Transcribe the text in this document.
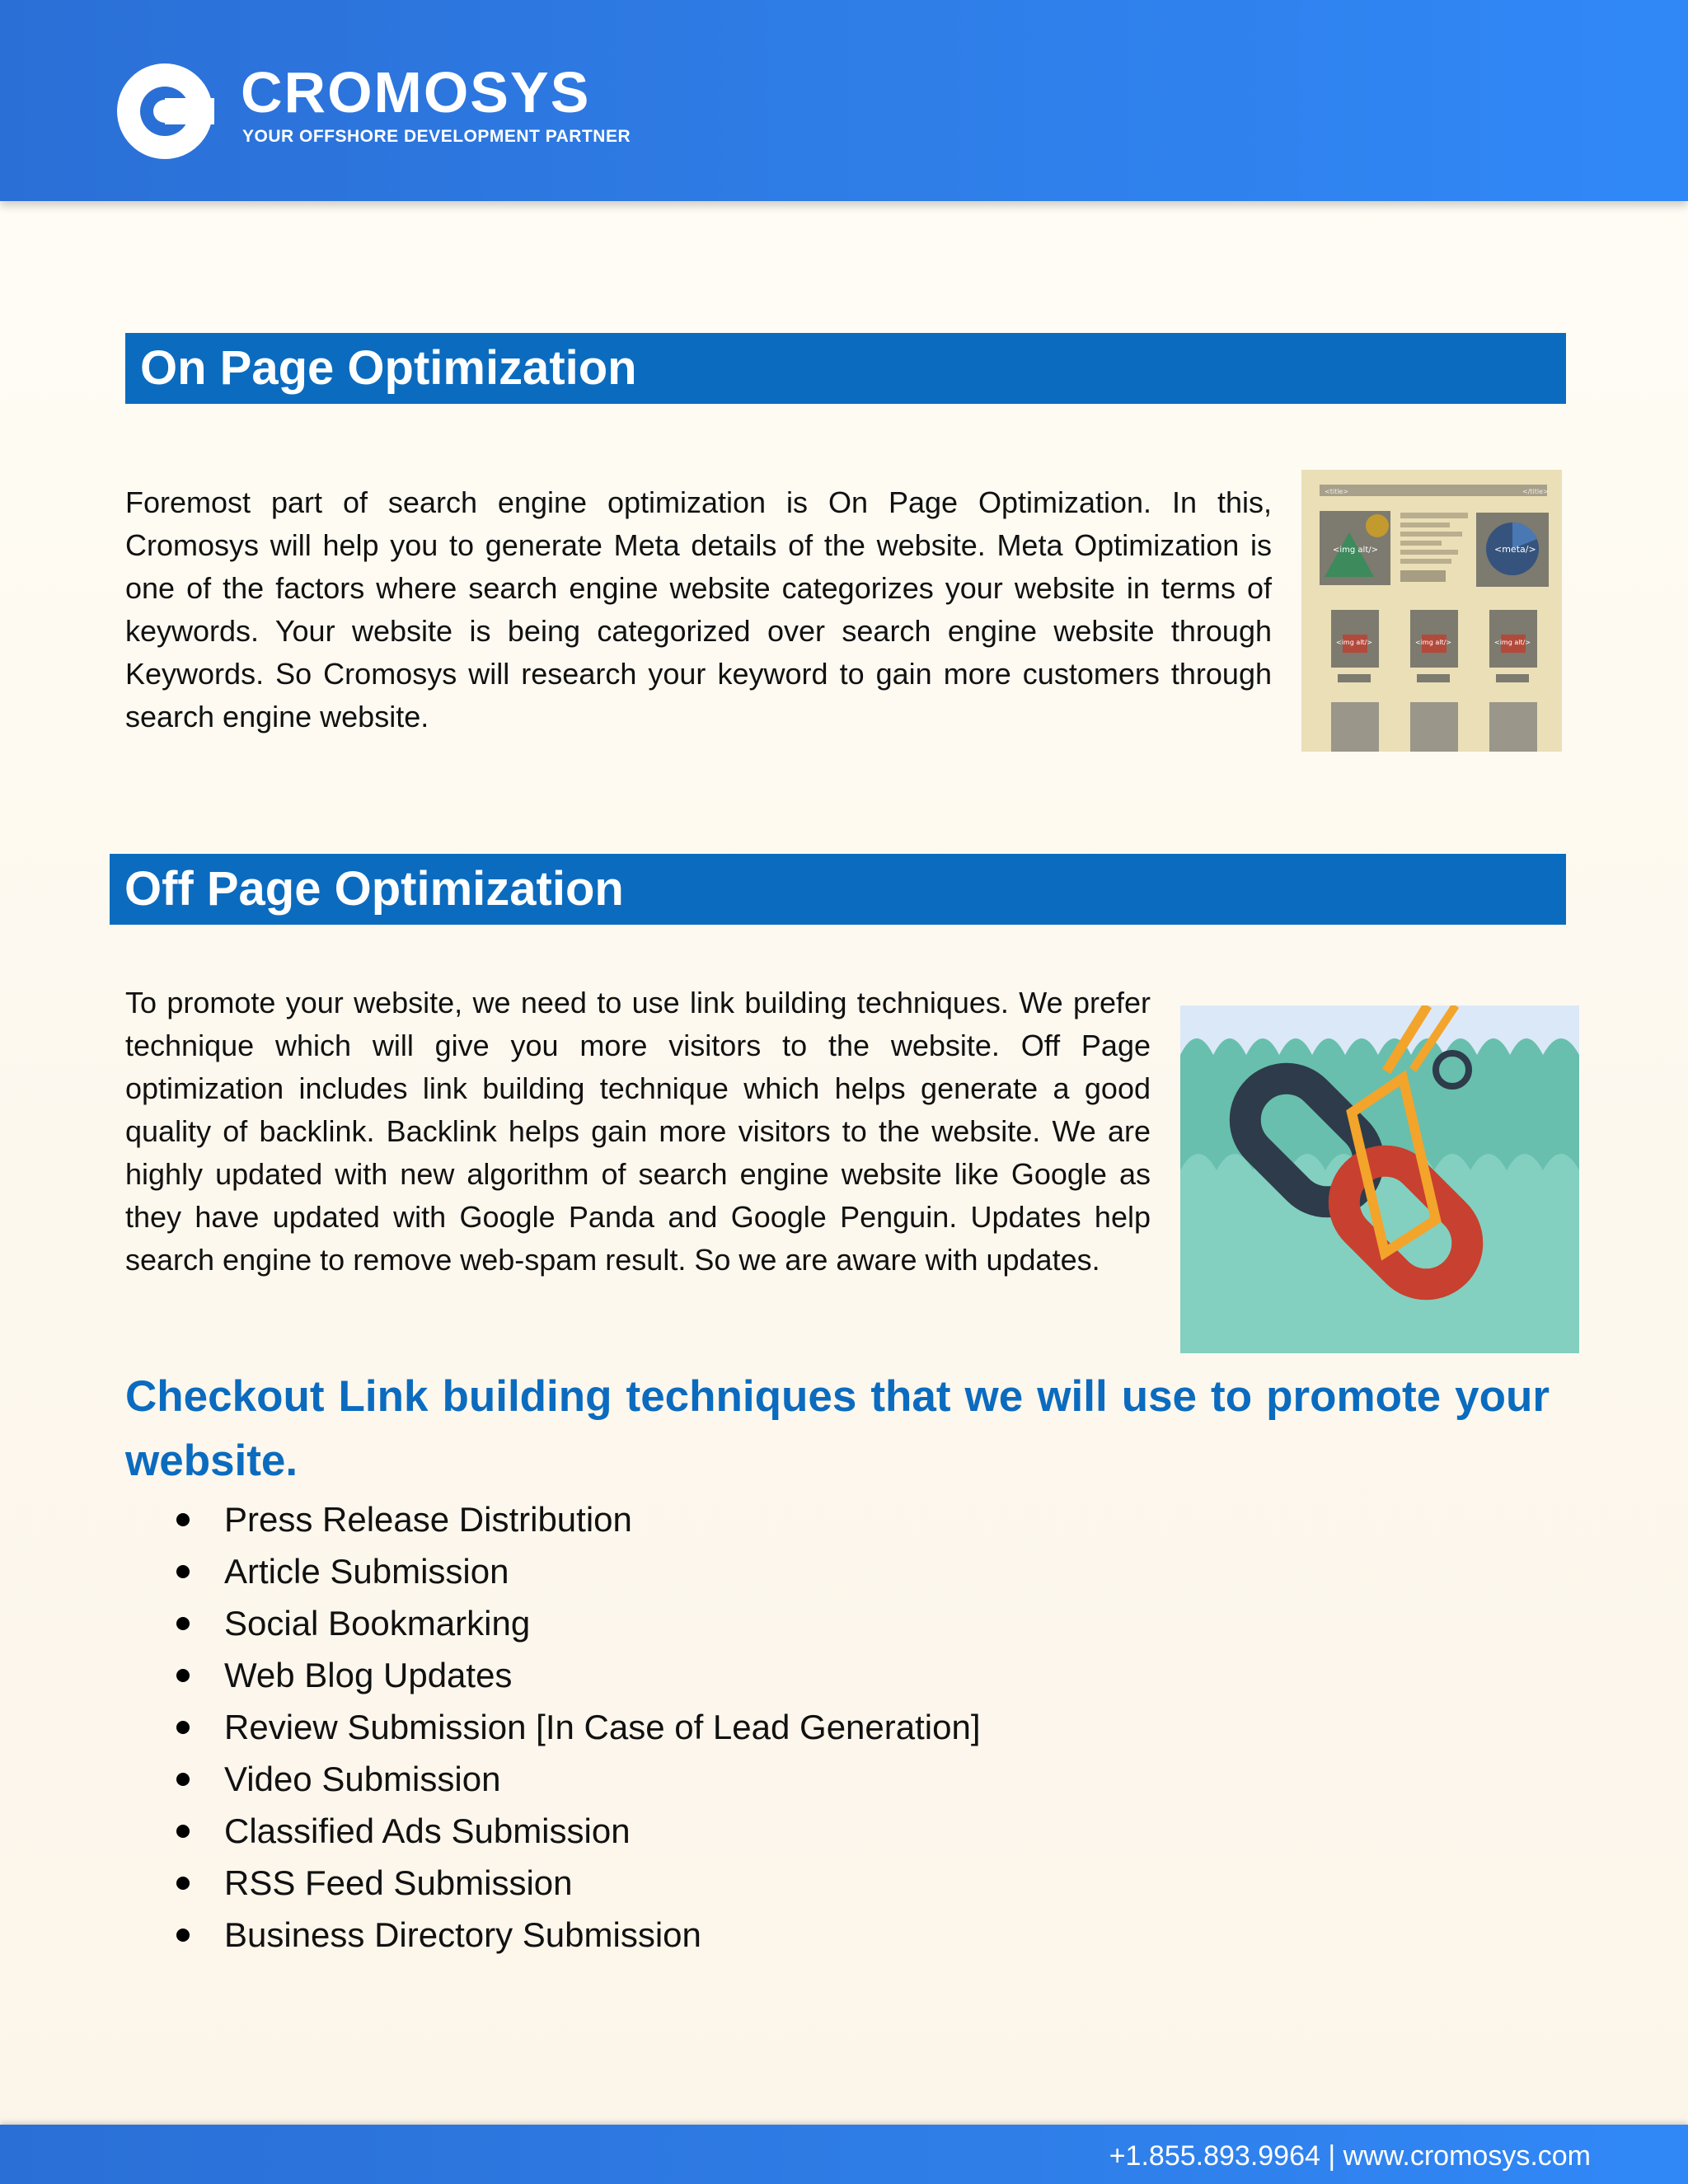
CROMOSYS
YOUR OFFSHORE DEVELOPMENT PARTNER
On Page Optimization

Foremost part of search engine optimization is On Page Optimization. In this, Cromosys will help you to generate Meta details of the website. Meta Optimization is one of the factors where search engine website categorizes your website in terms of keywords. Your website is being categorized over search engine website through Keywords. So Cromosys will research your keyword to gain more customers through search engine website.

<title>	</title>
<img alt/>	<meta/>
<img alt/>	<img alt/>	<img alt/>
Off Page Optimization

To promote your website, we need to use link building techniques. We prefer technique which will give you more visitors to the website. Off Page optimization includes link building technique which helps generate a good quality of backlink. Backlink helps gain more visitors to the website. We are highly updated with new algorithm of search engine website like Google as they have updated with Google Panda and Google Penguin. Updates help search engine to remove web-spam result. So we are aware with updates.

Checkout Link building techniques that we will use to promote your website.

Press Release Distribution
Article Submission
Social Bookmarking
Web Blog Updates
Review Submission [In Case of Lead Generation]
Video Submission
Classified Ads Submission
RSS Feed Submission
Business Directory Submission
+1.855.893.9964 | www.cromosys.com
